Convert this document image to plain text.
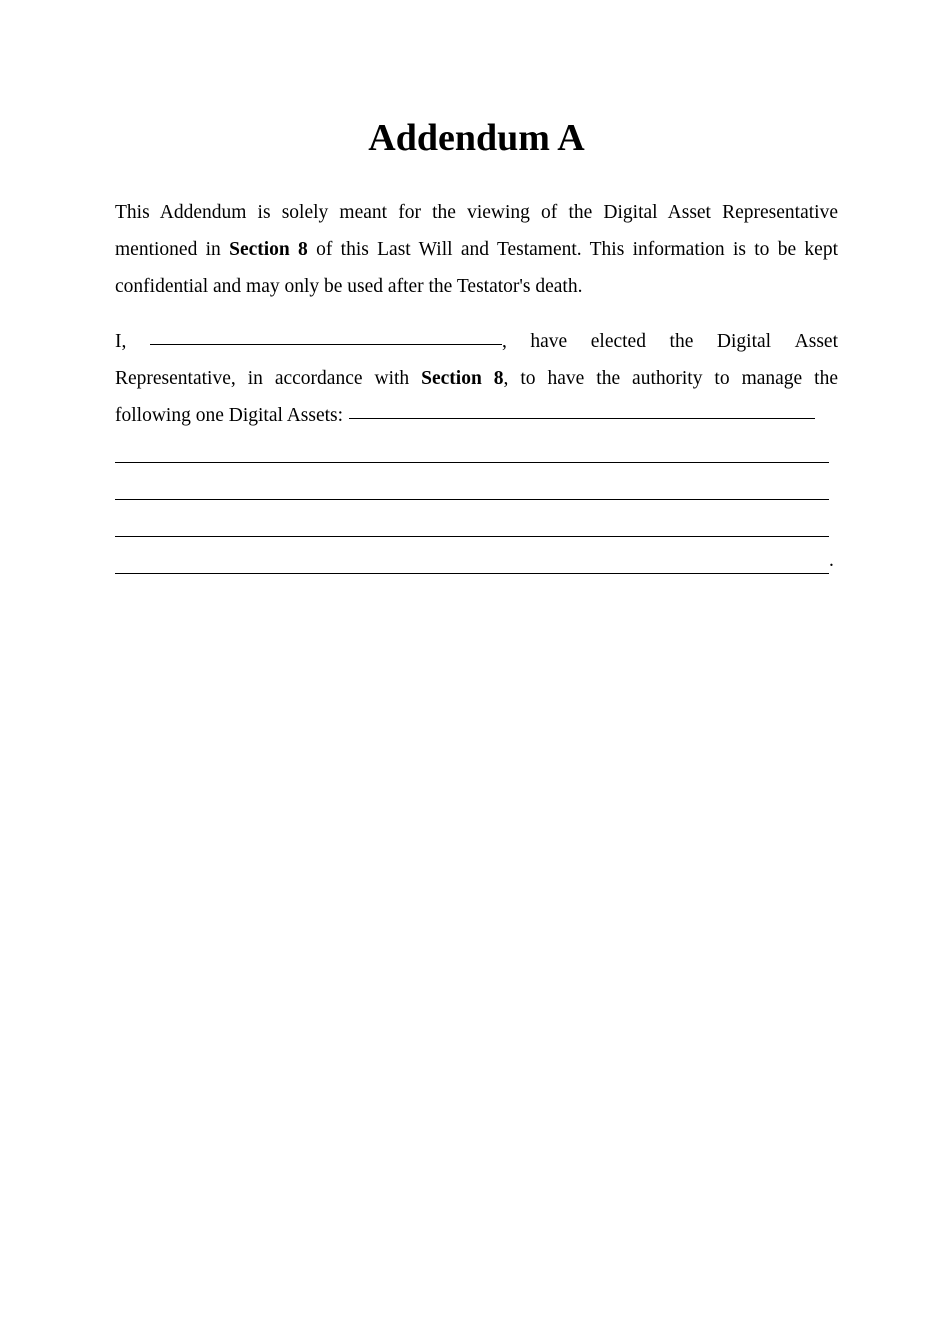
Addendum A

This Addendum is solely meant for the viewing of the Digital Asset Representative mentioned in Section 8 of this Last Will and Testament. This information is to be kept confidential and may only be used after the Testator's death.

I,	, have elected the Digital Asset
Representative, in accordance with Section 8, to have the authority to manage the
following one Digital Assets:
.
